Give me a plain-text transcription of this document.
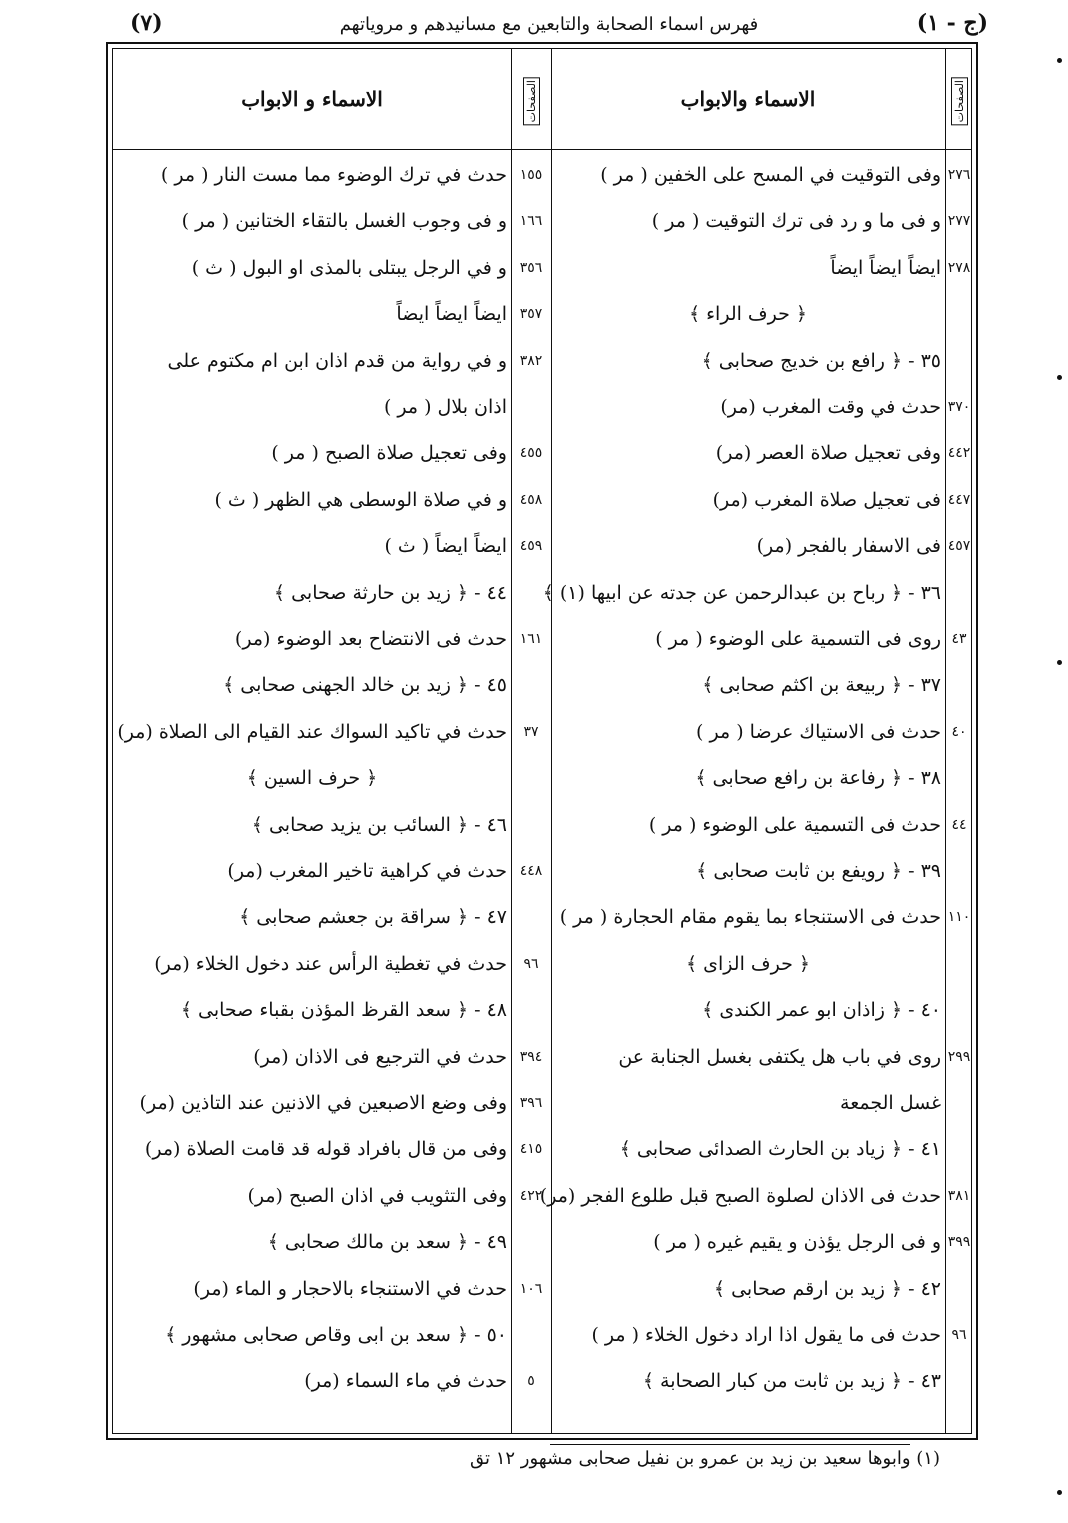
(٧)	فهرس اسماء الصحابة والتابعين مع مسانيدهم و مروياتهم	(ج - ١)
الاسماء والابواب
الاسماء و الابواب	الصفحات
الصفحات
وفى التوقيت في المسح على الخفين ( مر ) ٢٧٦
و فى ما و رد فى ترك التوقيت ( مر ) ٢٧٧
ايضاً ايضاً ايضاً ٢٧٨
﴿ حرف الراء ﴾
٣٥ - ﴿ رافع بن خديج صحابى ﴾
حدث في وقت المغرب (مر) ٣٧٠
وفى تعجيل صلاة العصر (مر) ٤٤٢
فى تعجيل صلاة المغرب (مر) ٤٤٧
فى الاسفار بالفجر (مر) ٤٥٧
٣٦ - ﴿ رباح بن عبدالرحمن عن جدته عن ابيها (١) ﴾
روى فى التسمية على الوضوء ( مر ) ٤٣
٣٧ - ﴿ ربيعة بن اكثم صحابى ﴾
حدث فى الاستياك عرضا ( مر ) ٤٠
٣٨ - ﴿ رفاعة بن رافع صحابى ﴾
حدث فى التسمية على الوضوء ( مر ) ٤٤
٣٩ - ﴿ رويفع بن ثابت صحابى ﴾
حدث فى الاستنجاء بما يقوم مقام الحجارة ( مر ) ١١٠
﴿ حرف الزاى ﴾
٤٠ - ﴿ زاذان ابو عمر الكندى ﴾
روى في باب هل يكتفى بغسل الجنابة عن ٢٩٩
غسل الجمعة
٤١ - ﴿ زياد بن الحارث الصدائى صحابى ﴾
حدث فى الاذان لصلوة الصبح قبل طلوع الفجر (مر) ٣٨١
و فى الرجل يؤذن و يقيم غيره ( مر ) ٣٩٩
٤٢ - ﴿ زيد بن ارقم صحابى ﴾
حدث فى ما يقول اذا اراد دخول الخلاء ( مر ) ٩٦
٤٣ - ﴿ زيد بن ثابت من كبار الصحابة ﴾
حدث في ترك الوضوء مما مست النار ( مر ) ١٥٥
و فى وجوب الغسل بالتقاء الختانين ( مر ) ١٦٦
و في الرجل يبتلى بالمذى او البول ( ث ) ٣٥٦
ايضاً ايضاً ايضاً ٣٥٧
و في رواية من قدم اذان ابن ام مكتوم على ٣٨٢
اذان بلال ( مر )
وفى تعجيل صلاة الصبح ( مر ) ٤٥٥
و في صلاة الوسطى هي الظهر ( ث ) ٤٥٨
ايضاً ايضاً ( ث ) ٤٥٩
٤٤ - ﴿ زيد بن حارثة صحابى ﴾
حدث فى الانتضاح بعد الوضوء (مر) ١٦١
٤٥ - ﴿ زيد بن خالد الجهنى صحابى ﴾
حدث في تاكيد السواك عند القيام الى الصلاة (مر)	٣٧
﴿ حرف السين ﴾
٤٦ - ﴿ السائب بن يزيد صحابى ﴾
حدث في كراهية تاخير المغرب (مر) ٤٤٨
٤٧ - ﴿ سراقة بن جعشم صحابى ﴾
حدث في تغطية الرأس عند دخول الخلاء (مر)	٩٦
٤٨ - ﴿ سعد القرظ المؤذن بقباء صحابى ﴾
حدث في الترجيع فى الاذان (مر) ٣٩٤
وفى وضع الاصبعين في الاذنين عند التاذين (مر) ٣٩٦
وفى من قال بافراد قوله قد قامت الصلاة (مر) ٤١٥
وفى التثويب في اذان الصبح (مر) ٤٢٢
٤٩ - ﴿ سعد بن مالك صحابى ﴾
حدث في الاستنجاء بالاحجار و الماء (مر) ١٠٦
٥٠ - ﴿ سعد بن ابى وقاص صحابى مشهور ﴾
حدث في ماء السماء (مر)	٥
(١) وابوها سعيد بن زيد بن عمرو بن نفيل صحابى مشهور ١٢ تق
